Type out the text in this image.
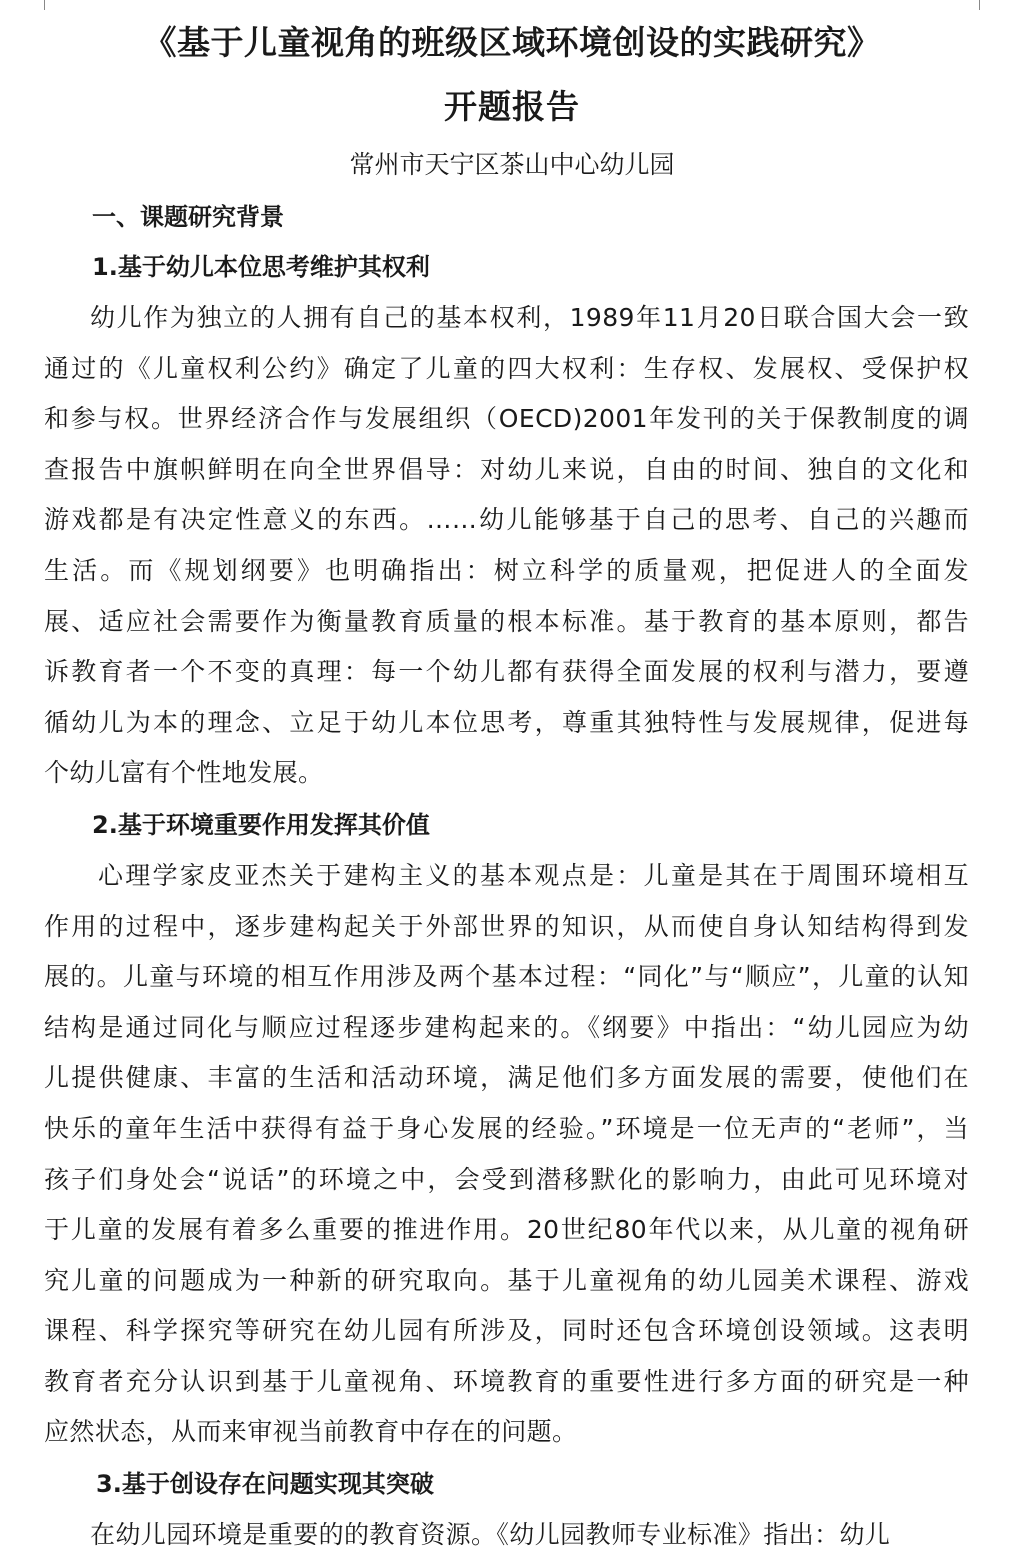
《基于儿童视角的班级区域环境创设的实践研究》
开题报告
常州市天宁区茶山中心幼儿园

一、课题研究背景

1.基于幼儿本位思考维护其权利

幼儿作为独立的人拥有自己的基本权利，1989年11月20日联合国大会一致
通过的《儿童权利公约》确定了儿童的四大权利：生存权、发展权、受保护权
和参与权。世界经济合作与发展组织（OECD)2001年发刊的关于保教制度的调
查报告中旗帜鲜明在向全世界倡导：对幼儿来说，自由的时间、独自的文化和
游戏都是有决定性意义的东西。……幼儿能够基于自己的思考、自己的兴趣而
生活。而《规划纲要》也明确指出：树立科学的质量观，把促进人的全面发
展、适应社会需要作为衡量教育质量的根本标准。基于教育的基本原则，都告
诉教育者一个不变的真理：每一个幼儿都有获得全面发展的权利与潜力，要遵
循幼儿为本的理念、立足于幼儿本位思考，尊重其独特性与发展规律，促进每
个幼儿富有个性地发展。

2.基于环境重要作用发挥其价值

心理学家皮亚杰关于建构主义的基本观点是：儿童是其在于周围环境相互
作用的过程中，逐步建构起关于外部世界的知识，从而使自身认知结构得到发
展的。儿童与环境的相互作用涉及两个基本过程：“同化”与“顺应”，儿童的认知
结构是通过同化与顺应过程逐步建构起来的。《纲要》中指出：“幼儿园应为幼
儿提供健康、丰富的生活和活动环境，满足他们多方面发展的需要，使他们在
快乐的童年生活中获得有益于身心发展的经验。”环境是一位无声的“老师”，当
孩子们身处会“说话”的环境之中，会受到潜移默化的影响力，由此可见环境对
于儿童的发展有着多么重要的推进作用。20世纪80年代以来，从儿童的视角研
究儿童的问题成为一种新的研究取向。基于儿童视角的幼儿园美术课程、游戏
课程、科学探究等研究在幼儿园有所涉及，同时还包含环境创设领域。这表明
教育者充分认识到基于儿童视角、环境教育的重要性进行多方面的研究是一种
应然状态，从而来审视当前教育中存在的问题。

3.基于创设存在问题实现其突破

在幼儿园环境是重要的的教育资源。《幼儿园教师专业标准》指出：幼儿
